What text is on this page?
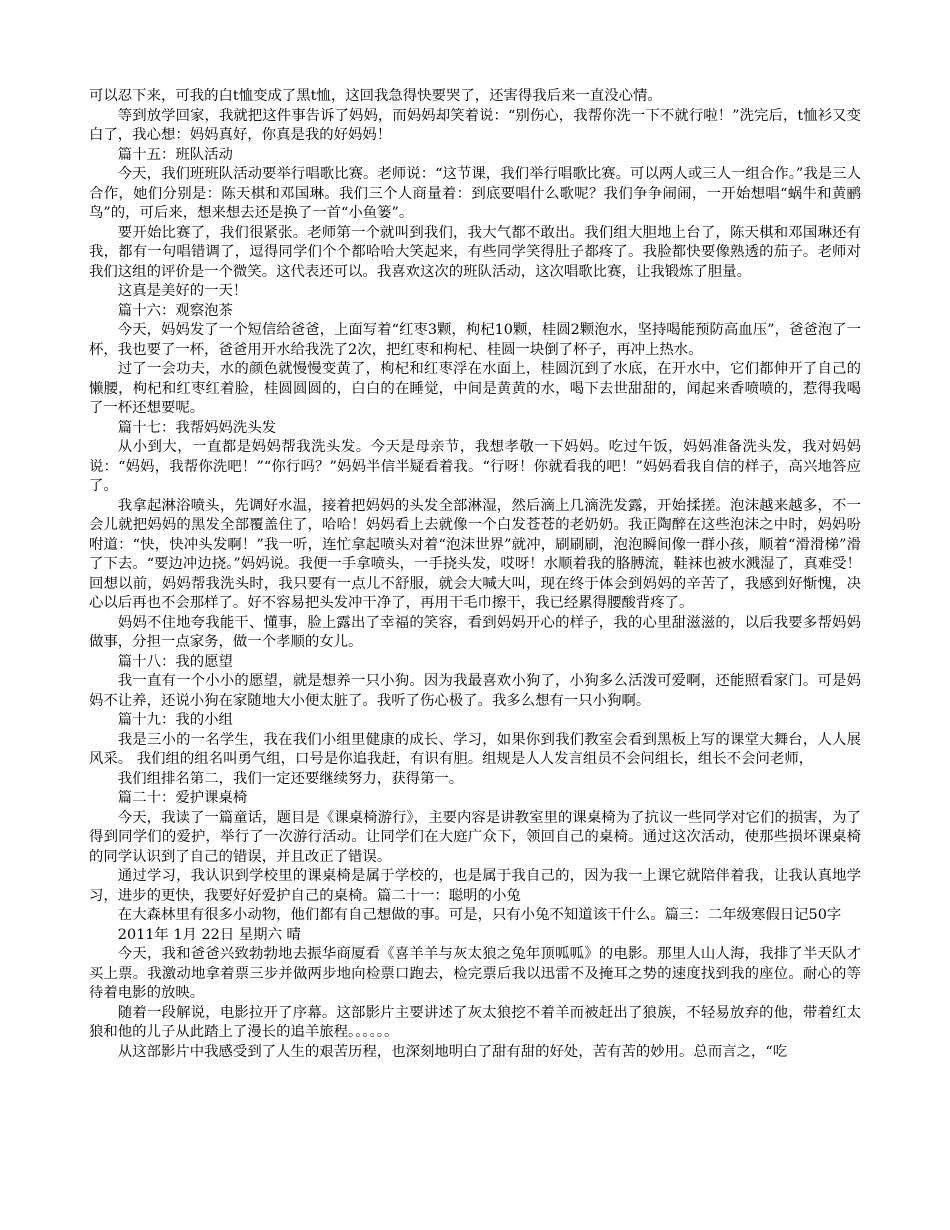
可以忍下来，可我的白t恤变成了黑t恤，这回我急得快要哭了，还害得我后来一直没心情。

等到放学回家，我就把这件事告诉了妈妈，而妈妈却笑着说：“别伤心，我帮你洗一下不就行啦！”洗完后，t恤衫又变白了，我心想：妈妈真好，你真是我的好妈妈！

篇十五：班队活动

今天，我们班班队活动要举行唱歌比赛。老师说：“这节课，我们举行唱歌比赛。可以两人或三人一组合作。”我是三人合作，她们分别是：陈天棋和邓国琳。我们三个人商量着：到底要唱什么歌呢？我们争争闹闹，一开始想唱“蜗牛和黄鹂鸟”的，可后来，想来想去还是换了一首“小鱼篓”。

要开始比赛了，我们很紧张。老师第一个就叫到我们，我大气都不敢出。我们组大胆地上台了，陈天棋和邓国琳还有我，都有一句唱错调了，逗得同学们个个都哈哈大笑起来，有些同学笑得肚子都疼了。我脸都快要像熟透的茄子。老师对我们这组的评价是一个微笑。这代表还可以。我喜欢这次的班队活动，这次唱歌比赛，让我锻炼了胆量。

这真是美好的一天！

篇十六：观察泡茶

今天，妈妈发了一个短信给爸爸，上面写着“红枣3颗，枸杞10颗，桂圆2颗泡水，坚持喝能预防高血压”，爸爸泡了一杯，我也要了一杯，爸爸用开水给我洗了2次，把红枣和枸杞、桂圆一块倒了杯子，再冲上热水。

过了一会功夫，水的颜色就慢慢变黄了，枸杞和红枣浮在水面上，桂圆沉到了水底，在开水中，它们都伸开了自己的懒腰，枸杞和红枣红着脸，桂圆圆圆的，白白的在睡觉，中间是黄黄的水，喝下去世甜甜的，闻起来香喷喷的，惹得我喝了一杯还想要呢。

篇十七：我帮妈妈洗头发

从小到大，一直都是妈妈帮我洗头发。今天是母亲节，我想孝敬一下妈妈。吃过午饭，妈妈准备洗头发，我对妈妈说：“妈妈，我帮你洗吧！”“你行吗？”妈妈半信半疑看着我。“行呀！你就看我的吧！”妈妈看我自信的样子，高兴地答应了。

我拿起淋浴喷头，先调好水温，接着把妈妈的头发全部淋湿，然后滴上几滴洗发露，开始揉搓。泡沫越来越多，不一会儿就把妈妈的黑发全部覆盖住了，哈哈！妈妈看上去就像一个白发苍苍的老奶奶。我正陶醉在这些泡沫之中时，妈妈吩咐道：“快，快冲头发啊！”我一听，连忙拿起喷头对着“泡沫世界”就冲，刷刷刷，泡泡瞬间像一群小孩，顺着“滑滑梯”滑了下去。“要边冲边挠。”妈妈说。我便一手拿喷头，一手挠头发，哎呀！水顺着我的胳膊流，鞋袜也被水溅湿了，真难受！回想以前，妈妈帮我洗头时，我只要有一点儿不舒服，就会大喊大叫，现在终于体会到妈妈的辛苦了，我感到好惭愧，决心以后再也不会那样了。好不容易把头发冲干净了，再用干毛巾擦干，我已经累得腰酸背疼了。

妈妈不住地夸我能干、懂事，脸上露出了幸福的笑容，看到妈妈开心的样子，我的心里甜滋滋的，以后我要多帮妈妈做事，分担一点家务，做一个孝顺的女儿。

篇十八：我的愿望

我一直有一个小小的愿望，就是想养一只小狗。因为我最喜欢小狗了，小狗多么活泼可爱啊，还能照看家门。可是妈妈不让养，还说小狗在家随地大小便太脏了。我听了伤心极了。我多么想有一只小狗啊。

篇十九：我的小组

我是三小的一名学生，我在我们小组里健康的成长、学习，如果你到我们教室会看到黑板上写的课堂大舞台，人人展风采。 我们组的组名叫勇气组，口号是你追我赶，有识有胆。组规是人人发言组员不会问组长，组长不会问老师，

我们组排名第二，我们一定还要继续努力，获得第一。

篇二十：爱护课桌椅

今天，我读了一篇童话，题目是《课桌椅游行》，主要内容是讲教室里的课桌椅为了抗议一些同学对它们的损害，为了得到同学们的爱护，举行了一次游行活动。让同学们在大庭广众下，领回自己的桌椅。通过这次活动，使那些损坏课桌椅的同学认识到了自己的错误，并且改正了错误。

通过学习，我认识到学校里的课桌椅是属于学校的，也是属于我自己的，因为我一上课它就陪伴着我，让我认真地学习，进步的更快，我要好好爱护自己的桌椅。篇二十一：聪明的小兔

在大森林里有很多小动物，他们都有自己想做的事。可是，只有小兔不知道该干什么。篇三：二年级寒假日记50字

2011年 1月 22日 星期六 晴

今天，我和爸爸兴致勃勃地去振华商厦看《喜羊羊与灰太狼之兔年顶呱呱》的电影。那里人山人海，我排了半天队才买上票。我激动地拿着票三步并做两步地向检票口跑去，检完票后我以迅雷不及掩耳之势的速度找到我的座位。耐心的等待着电影的放映。

随着一段解说，电影拉开了序幕。这部影片主要讲述了灰太狼挖不着羊而被赶出了狼族，不轻易放弃的他，带着红太狼和他的儿子从此踏上了漫长的追羊旅程。。。。。。

从这部影片中我感受到了人生的艰苦历程，也深刻地明白了甜有甜的好处，苦有苦的妙用。总而言之，“吃
